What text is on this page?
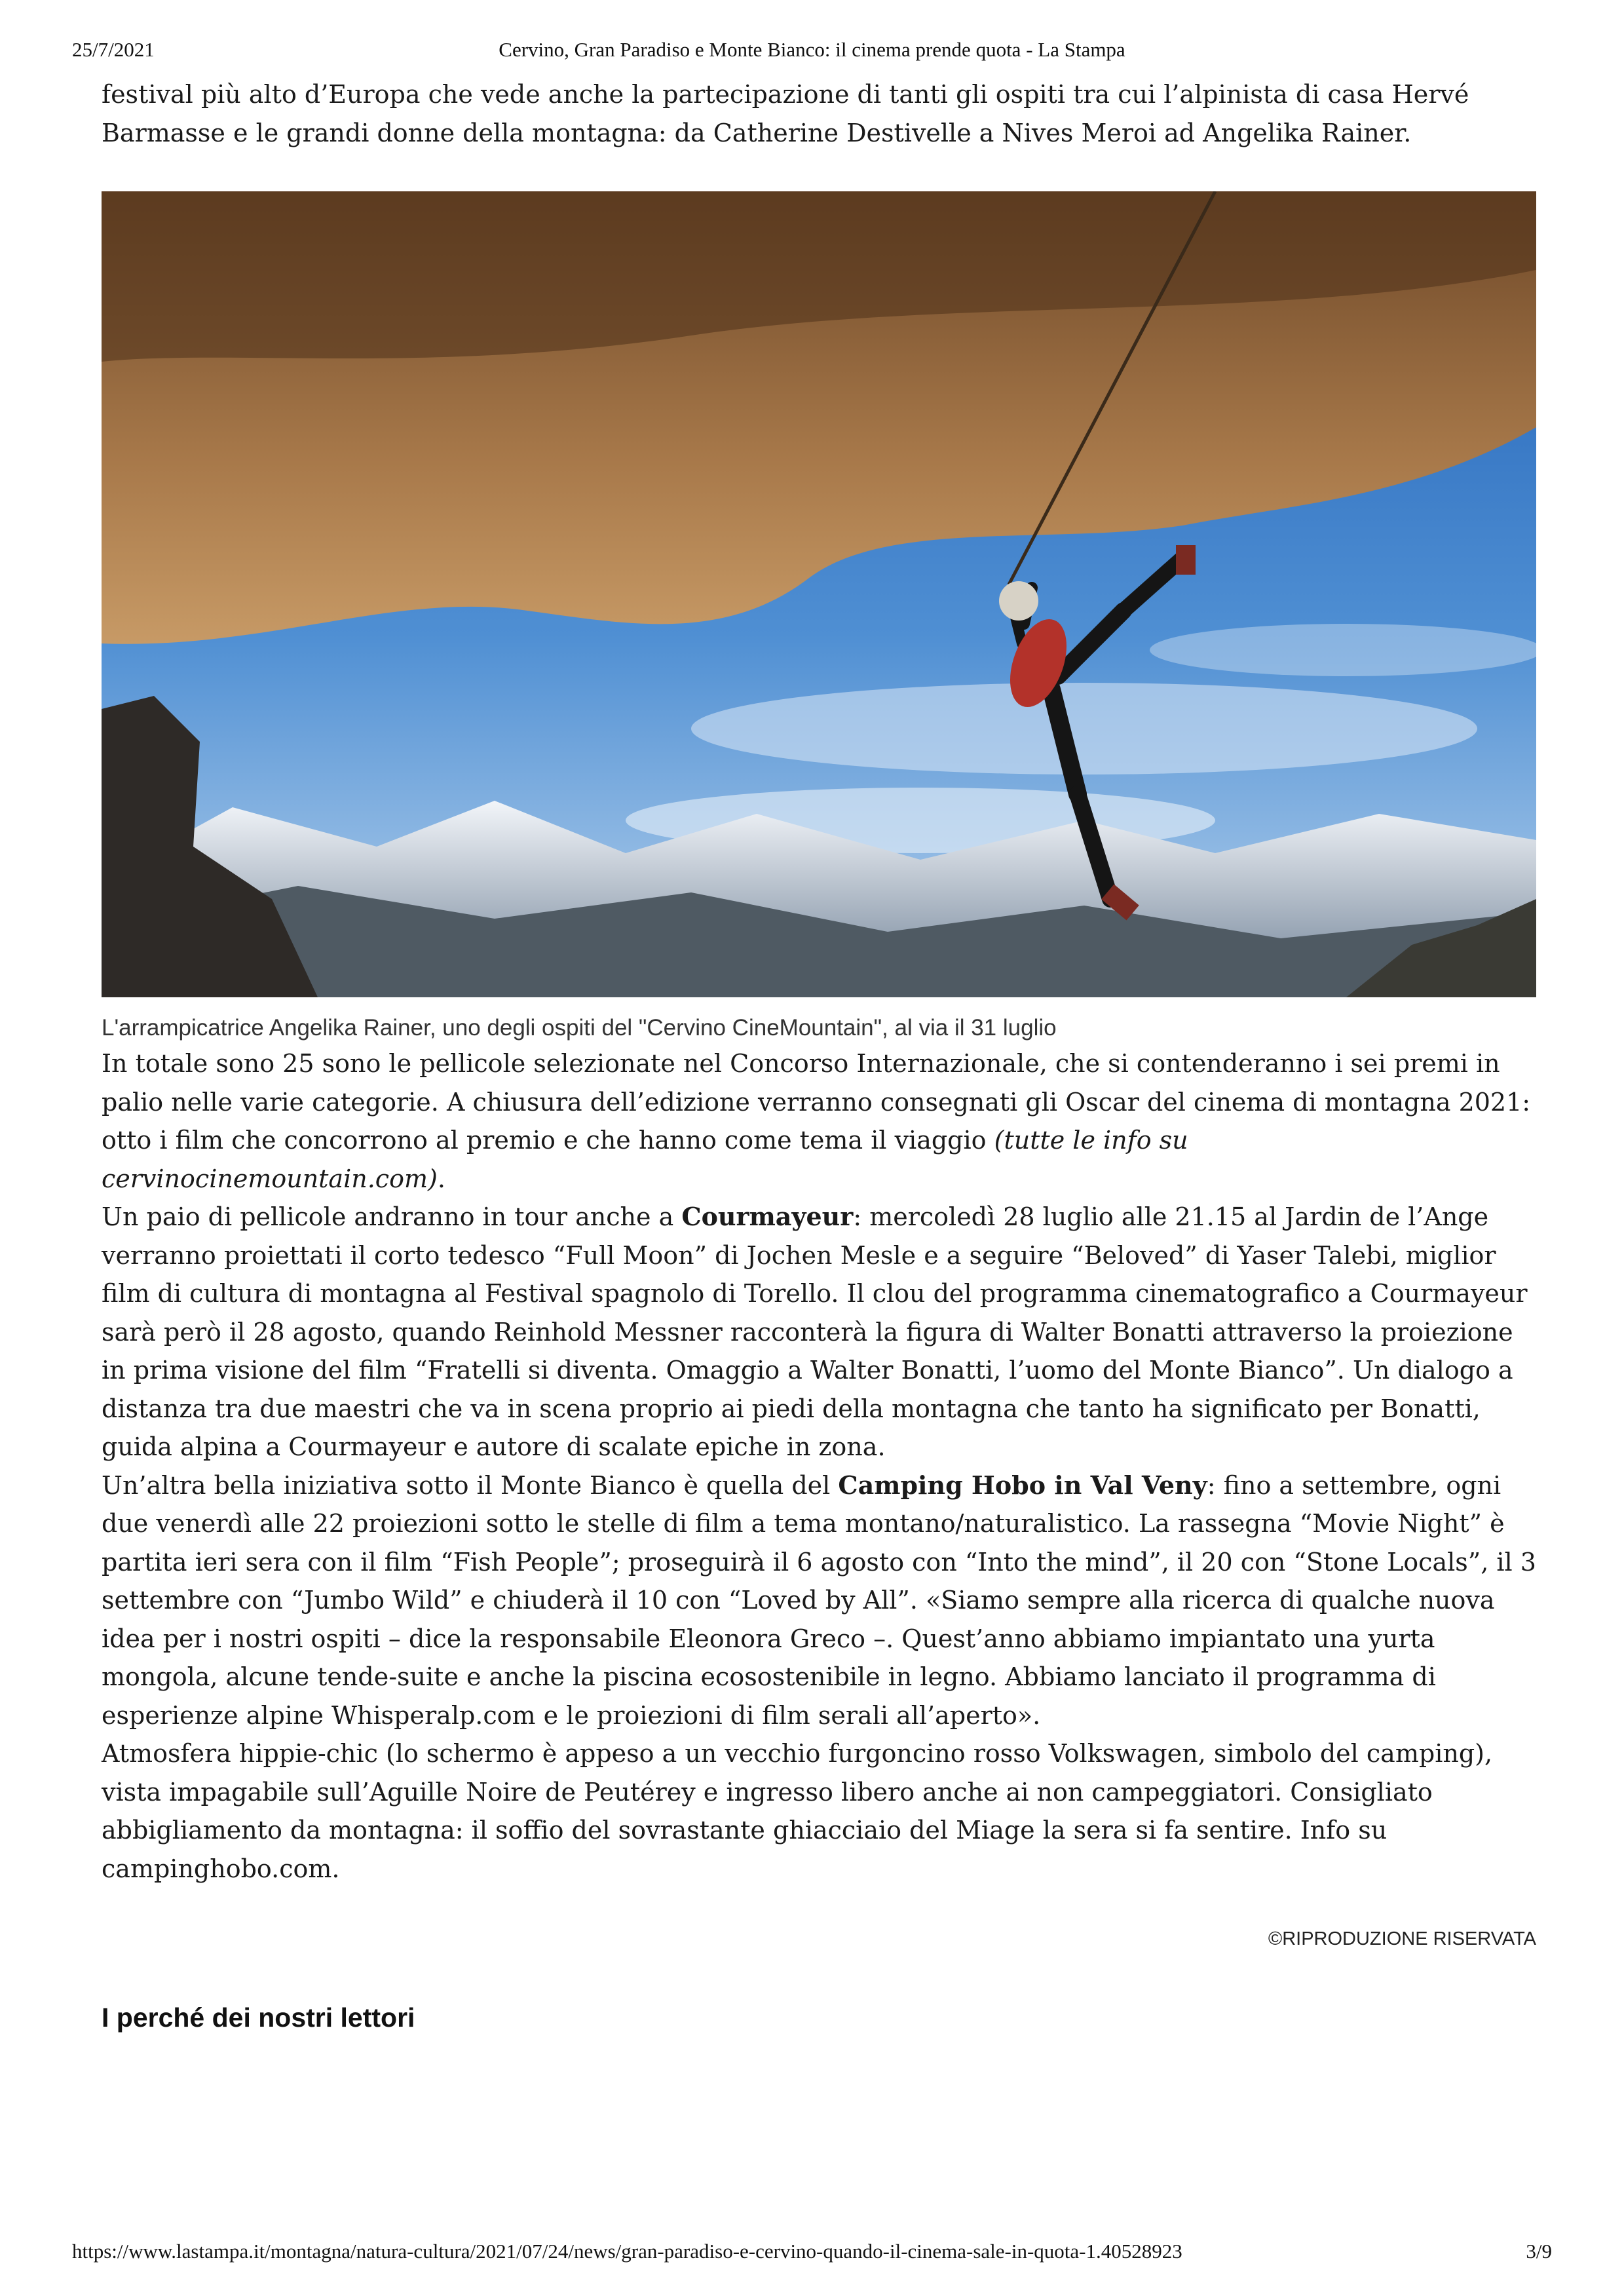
25/7/2021	Cervino, Gran Paradiso e Monte Bianco: il cinema prende quota - La Stampa

festival più alto d’Europa che vede anche la partecipazione di tanti gli ospiti tra cui l’alpinista di casa Hervé Barmasse e le grandi donne della montagna: da Catherine Destivelle a Nives Meroi ad Angelika Rainer.

L'arrampicatrice Angelika Rainer, uno degli ospiti del "Cervino CineMountain", al via il 31 luglio

In totale sono 25 sono le pellicole selezionate nel Concorso Internazionale, che si contenderanno i sei premi in palio nelle varie categorie. A chiusura dell’edizione verranno consegnati gli Oscar del cinema di montagna 2021: otto i film che concorrono al premio e che hanno come tema il viaggio (tutte le info su cervinocinemountain.com).

Un paio di pellicole andranno in tour anche a Courmayeur: mercoledì 28 luglio alle 21.15 al Jardin de l’Ange verranno proiettati il corto tedesco “Full Moon” di Jochen Mesle e a seguire “Beloved” di Yaser Talebi, miglior film di cultura di montagna al Festival spagnolo di Torello. Il clou del programma cinematografico a Courmayeur sarà però il 28 agosto, quando Reinhold Messner racconterà la figura di Walter Bonatti attraverso la proiezione in prima visione del film “Fratelli si diventa. Omaggio a Walter Bonatti, l’uomo del Monte Bianco”. Un dialogo a distanza tra due maestri che va in scena proprio ai piedi della montagna che tanto ha significato per Bonatti, guida alpina a Courmayeur e autore di scalate epiche in zona.

Un’altra bella iniziativa sotto il Monte Bianco è quella del Camping Hobo in Val Veny: fino a settembre, ogni due venerdì alle 22 proiezioni sotto le stelle di film a tema montano/naturalistico. La rassegna “Movie Night” è partita ieri sera con il film “Fish People”; proseguirà il 6 agosto con “Into the mind”, il 20 con “Stone Locals”, il 3 settembre con “Jumbo Wild” e chiuderà il 10 con “Loved by All”. «Siamo sempre alla ricerca di qualche nuova idea per i nostri ospiti – dice la responsabile Eleonora Greco –. Quest’anno abbiamo impiantato una yurta mongola, alcune tende-suite e anche la piscina ecosostenibile in legno. Abbiamo lanciato il programma di esperienze alpine Whisperalp.com e le proiezioni di film serali all’aperto».

Atmosfera hippie-chic (lo schermo è appeso a un vecchio furgoncino rosso Volkswagen, simbolo del camping), vista impagabile sull’Aguille Noire de Peutérey e ingresso libero anche ai non campeggiatori. Consigliato abbigliamento da montagna: il soffio del sovrastante ghiacciaio del Miage la sera si fa sentire. Info su campinghobo.com.

©RIPRODUZIONE RISERVATA
I perché dei nostri lettori
https://www.lastampa.it/montagna/natura-cultura/2021/07/24/news/gran-paradiso-e-cervino-quando-il-cinema-sale-in-quota-1.40528923	3/9
